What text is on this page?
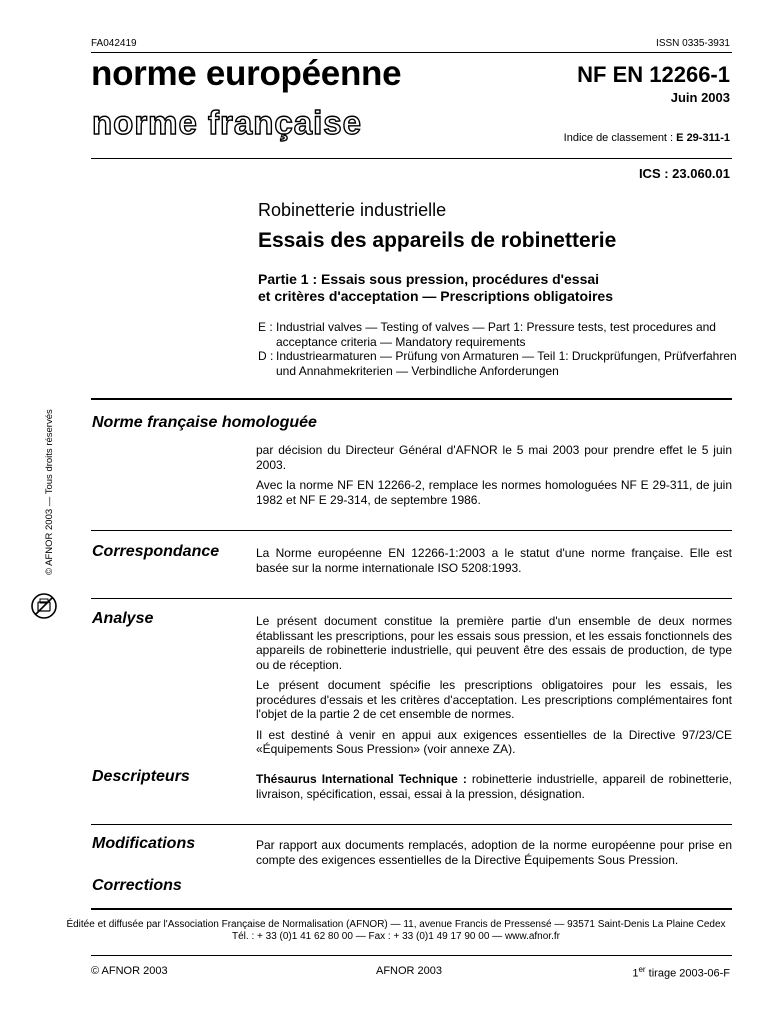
FA042419	ISSN 0335-3931
norme européenne
norme française
NF EN 12266-1
Juin 2003
Indice de classement : E 29-311-1
ICS : 23.060.01
Robinetterie industrielle
Essais des appareils de robinetterie
Partie 1 : Essais sous pression, procédures d'essai
et critères d'acceptation — Prescriptions obligatoires
E : Industrial valves — Testing of valves — Part 1: Pressure tests, test procedures and acceptance criteria — Mandatory requirements
D : Industriearmaturen — Prüfung von Armaturen — Teil 1: Druckprüfungen, Prüfverfahren und Annahmekriterien — Verbindliche Anforderungen
© AFNOR 2003 — Tous droits réservés Norme française homologuée

par décision du Directeur Général d'AFNOR le 5 mai 2003 pour prendre effet le 5 juin 2003.

Avec la norme NF EN 12266-2, remplace les normes homologuées NF E 29-311, de juin 1982 et NF E 29-314, de septembre 1986.

Correspondance	La Norme européenne EN 12266-1:2003 a le statut d'une norme française. Elle est basée sur la norme internationale ISO 5208:1993.

Analyse	Le présent document constitue la première partie d'un ensemble de deux normes établissant les prescriptions, pour les essais sous pression, et les essais fonctionnels des appareils de robinetterie industrielle, qui peuvent être des essais de production, de type ou de réception.

Le présent document spécifie les prescriptions obligatoires pour les essais, les procédures d'essais et les critères d'acceptation. Les prescriptions complémentaires font l'objet de la partie 2 de cet ensemble de normes.

Il est destiné à venir en appui aux exigences essentielles de la Directive 97/23/CE «Équipements Sous Pression» (voir annexe ZA).

Descripteurs	Thésaurus International Technique : robinetterie industrielle, appareil de robinetterie, livraison, spécification, essai, essai à la pression, désignation.

Modifications	Par rapport aux documents remplacés, adoption de la norme européenne pour prise en compte des exigences essentielles de la Directive Équipements Sous Pression.

Corrections
Éditée et diffusée par l'Association Française de Normalisation (AFNOR) — 11, avenue Francis de Pressensé — 93571 Saint-Denis La Plaine Cedex
Tél. : + 33 (0)1 41 62 80 00 — Fax : + 33 (0)1 49 17 90 00 — www.afnor.fr
© AFNOR 2003	AFNOR 2003	1er tirage 2003-06-F
